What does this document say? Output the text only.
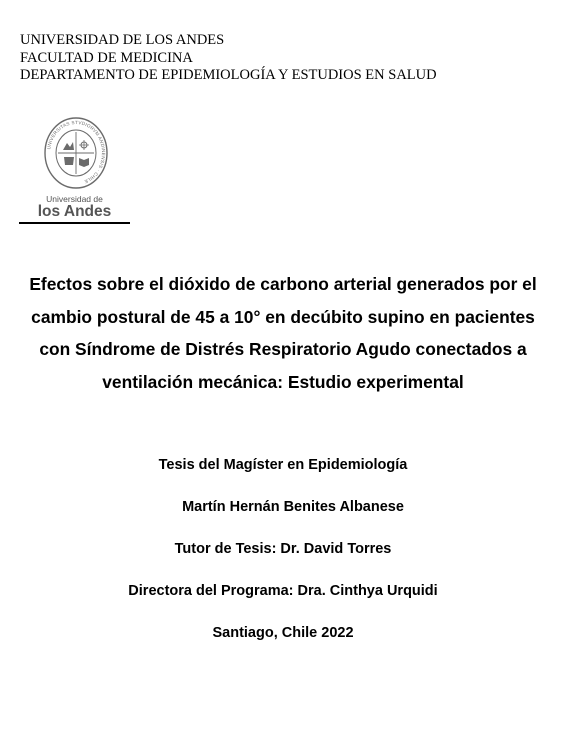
UNIVERSIDAD DE LOS ANDES
FACULTAD DE MEDICINA
DEPARTAMENTO DE EPIDEMIOLOGÍA Y ESTUDIOS EN SALUD
UNIVERSITAS STVDIORVM ANDINENSIS · CHILE
Universidad de
los Andes
Efectos sobre el dióxido de carbono arterial generados por el
cambio postural de 45 a 10° en decúbito supino en pacientes
con Síndrome de Distrés Respiratorio Agudo conectados a
ventilación mecánica: Estudio experimental
Tesis del Magíster en Epidemiología
Martín Hernán Benites Albanese
Tutor de Tesis: Dr. David Torres
Directora del Programa: Dra. Cinthya Urquidi
Santiago, Chile 2022
